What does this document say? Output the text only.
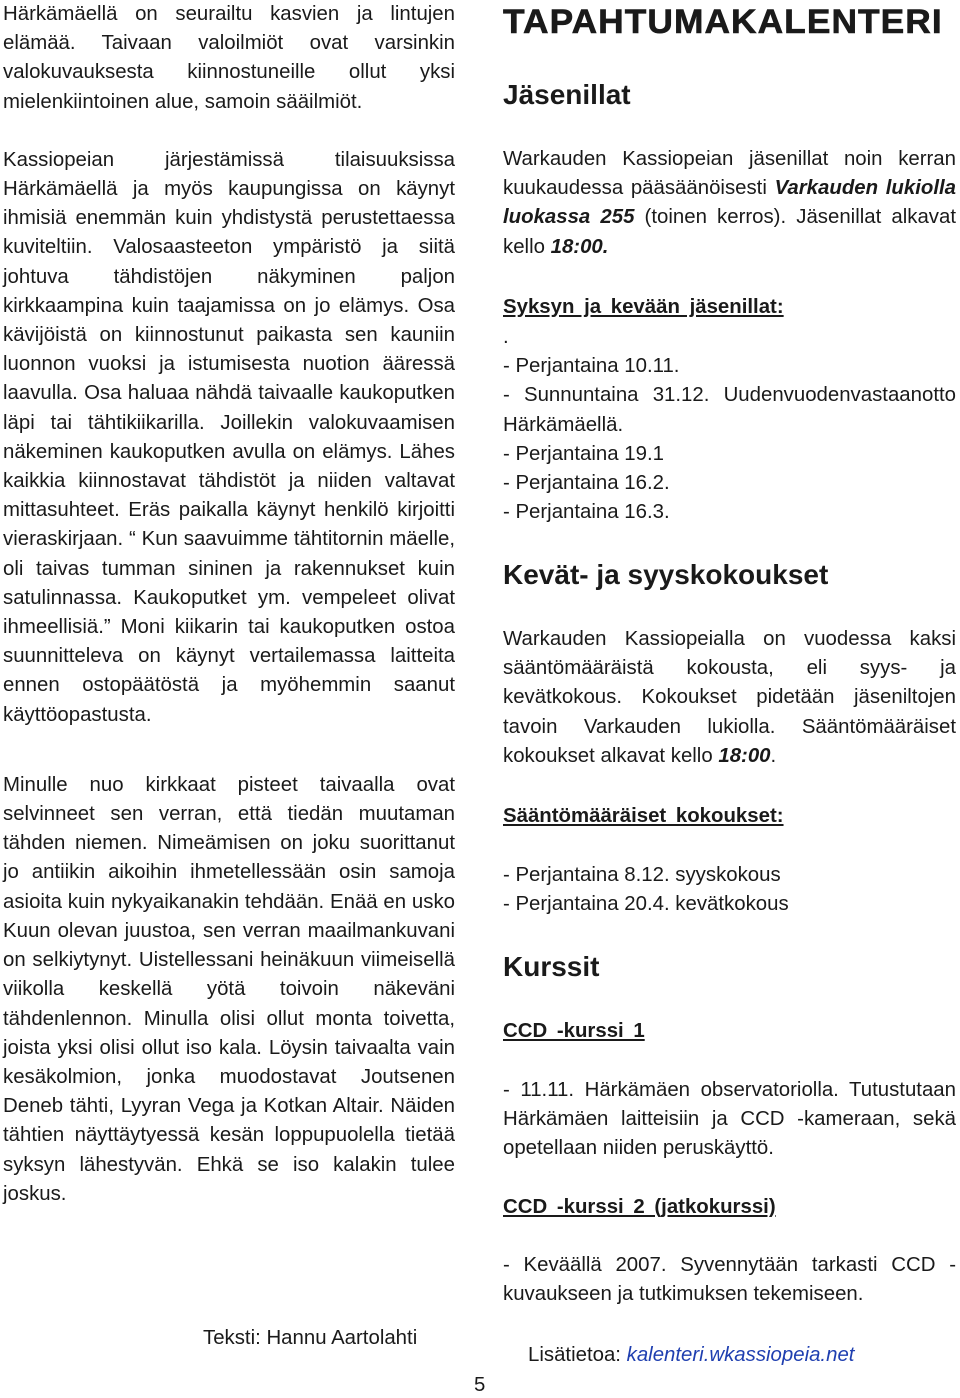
Härkämäellä on seurailtu kasvien ja lintujen elämää. Taivaan valoilmiöt ovat varsinkin valokuvauksesta kiinnostuneille ollut yksi mielenkiintoinen alue, samoin sääilmiöt.

Kassiopeian järjestämissä tilaisuuksissa Härkämäellä ja myös kaupungissa on käynyt ihmisiä enemmän kuin yhdistystä perustettaessa kuviteltiin. Valosaasteeton ympäristö ja siitä johtuva tähdistöjen näkyminen paljon kirkkaampina kuin taajamissa on jo elämys. Osa kävijöistä on kiinnostunut paikasta sen kauniin luonnon vuoksi ja istumisesta nuotion ääressä laavulla. Osa haluaa nähdä taivaalle kaukoputken läpi tai tähtikiikarilla. Joillekin valokuvaamisen näkeminen kaukoputken avulla on elämys. Lähes kaikkia kiinnostavat tähdistöt ja niiden valtavat mittasuhteet. Eräs paikalla käynyt henkilö kirjoitti vieraskirjaan. “ Kun saavuimme tähtitornin mäelle, oli taivas tumman sininen ja rakennukset kuin satulinnassa. Kaukoputket ym. vempeleet olivat ihmeellisiä.” Moni kiikarin tai kaukoputken ostoa suunnitteleva on käynyt vertailemassa laitteita ennen ostopäätöstä ja myöhemmin saanut käyttöopastusta.

Minulle nuo kirkkaat pisteet taivaalla ovat selvinneet sen verran, että tiedän muutaman tähden niemen. Nimeämisen on joku suorittanut jo antiikin aikoihin ihmetellessään osin samoja asioita kuin nykyaikanakin tehdään. Enää en usko Kuun olevan juustoa, sen verran maailmankuvani on selkiytynyt. Uistellessani heinäkuun viimeisellä viikolla keskellä yötä toivoin näkeväni tähdenlennon. Minulla olisi ollut monta toivetta, joista yksi olisi ollut iso kala. Löysin taivaalta vain kesäkolmion, jonka muodostavat Joutsenen Deneb tähti, Lyyran Vega ja Kotkan Altair. Näiden tähtien näyttäytyessä kesän loppupuolella tietää syksyn lähestyvän. Ehkä se iso kalakin tulee joskus.

Teksti: Hannu Aartolahti

TAPAHTUMAKALENTERI
Jäsenillat

Warkauden Kassiopeian jäsenillat noin kerran kuukaudessa pääsäänöisesti Varkauden lukiolla luokassa 255 (toinen kerros). Jäsenillat alkavat kello 18:00.

Syksyn ja kevään jäsenillat:
.
- Perjantaina 10.11.
- Sunnuntaina 31.12. Uudenvuodenvastaanotto Härkämäellä.
- Perjantaina 19.1
- Perjantaina 16.2.
- Perjantaina 16.3.
Kevät- ja syyskokoukset

Warkauden Kassiopeialla on vuodessa kaksi sääntömääräistä kokousta, eli syys- ja kevätkokous. Kokoukset pidetään jäseniltojen tavoin Varkauden lukiolla. Sääntömääräiset kokoukset alkavat kello 18:00.

Sääntömääräiset kokoukset:
- Perjantaina 8.12. syyskokous
- Perjantaina 20.4. kevätkokous
Kurssit
CCD -kurssi 1

- 11.11. Härkämäen observatoriolla. Tutustutaan Härkämäen laitteisiin ja CCD -kameraan, sekä opetellaan niiden peruskäyttö.

CCD -kurssi 2 (jatkokurssi)

- Keväällä 2007. Syvennytään tarkasti CCD -kuvaukseen ja tutkimuksen tekemiseen.

Lisätietoa: kalenteri.wkassiopeia.net

5
